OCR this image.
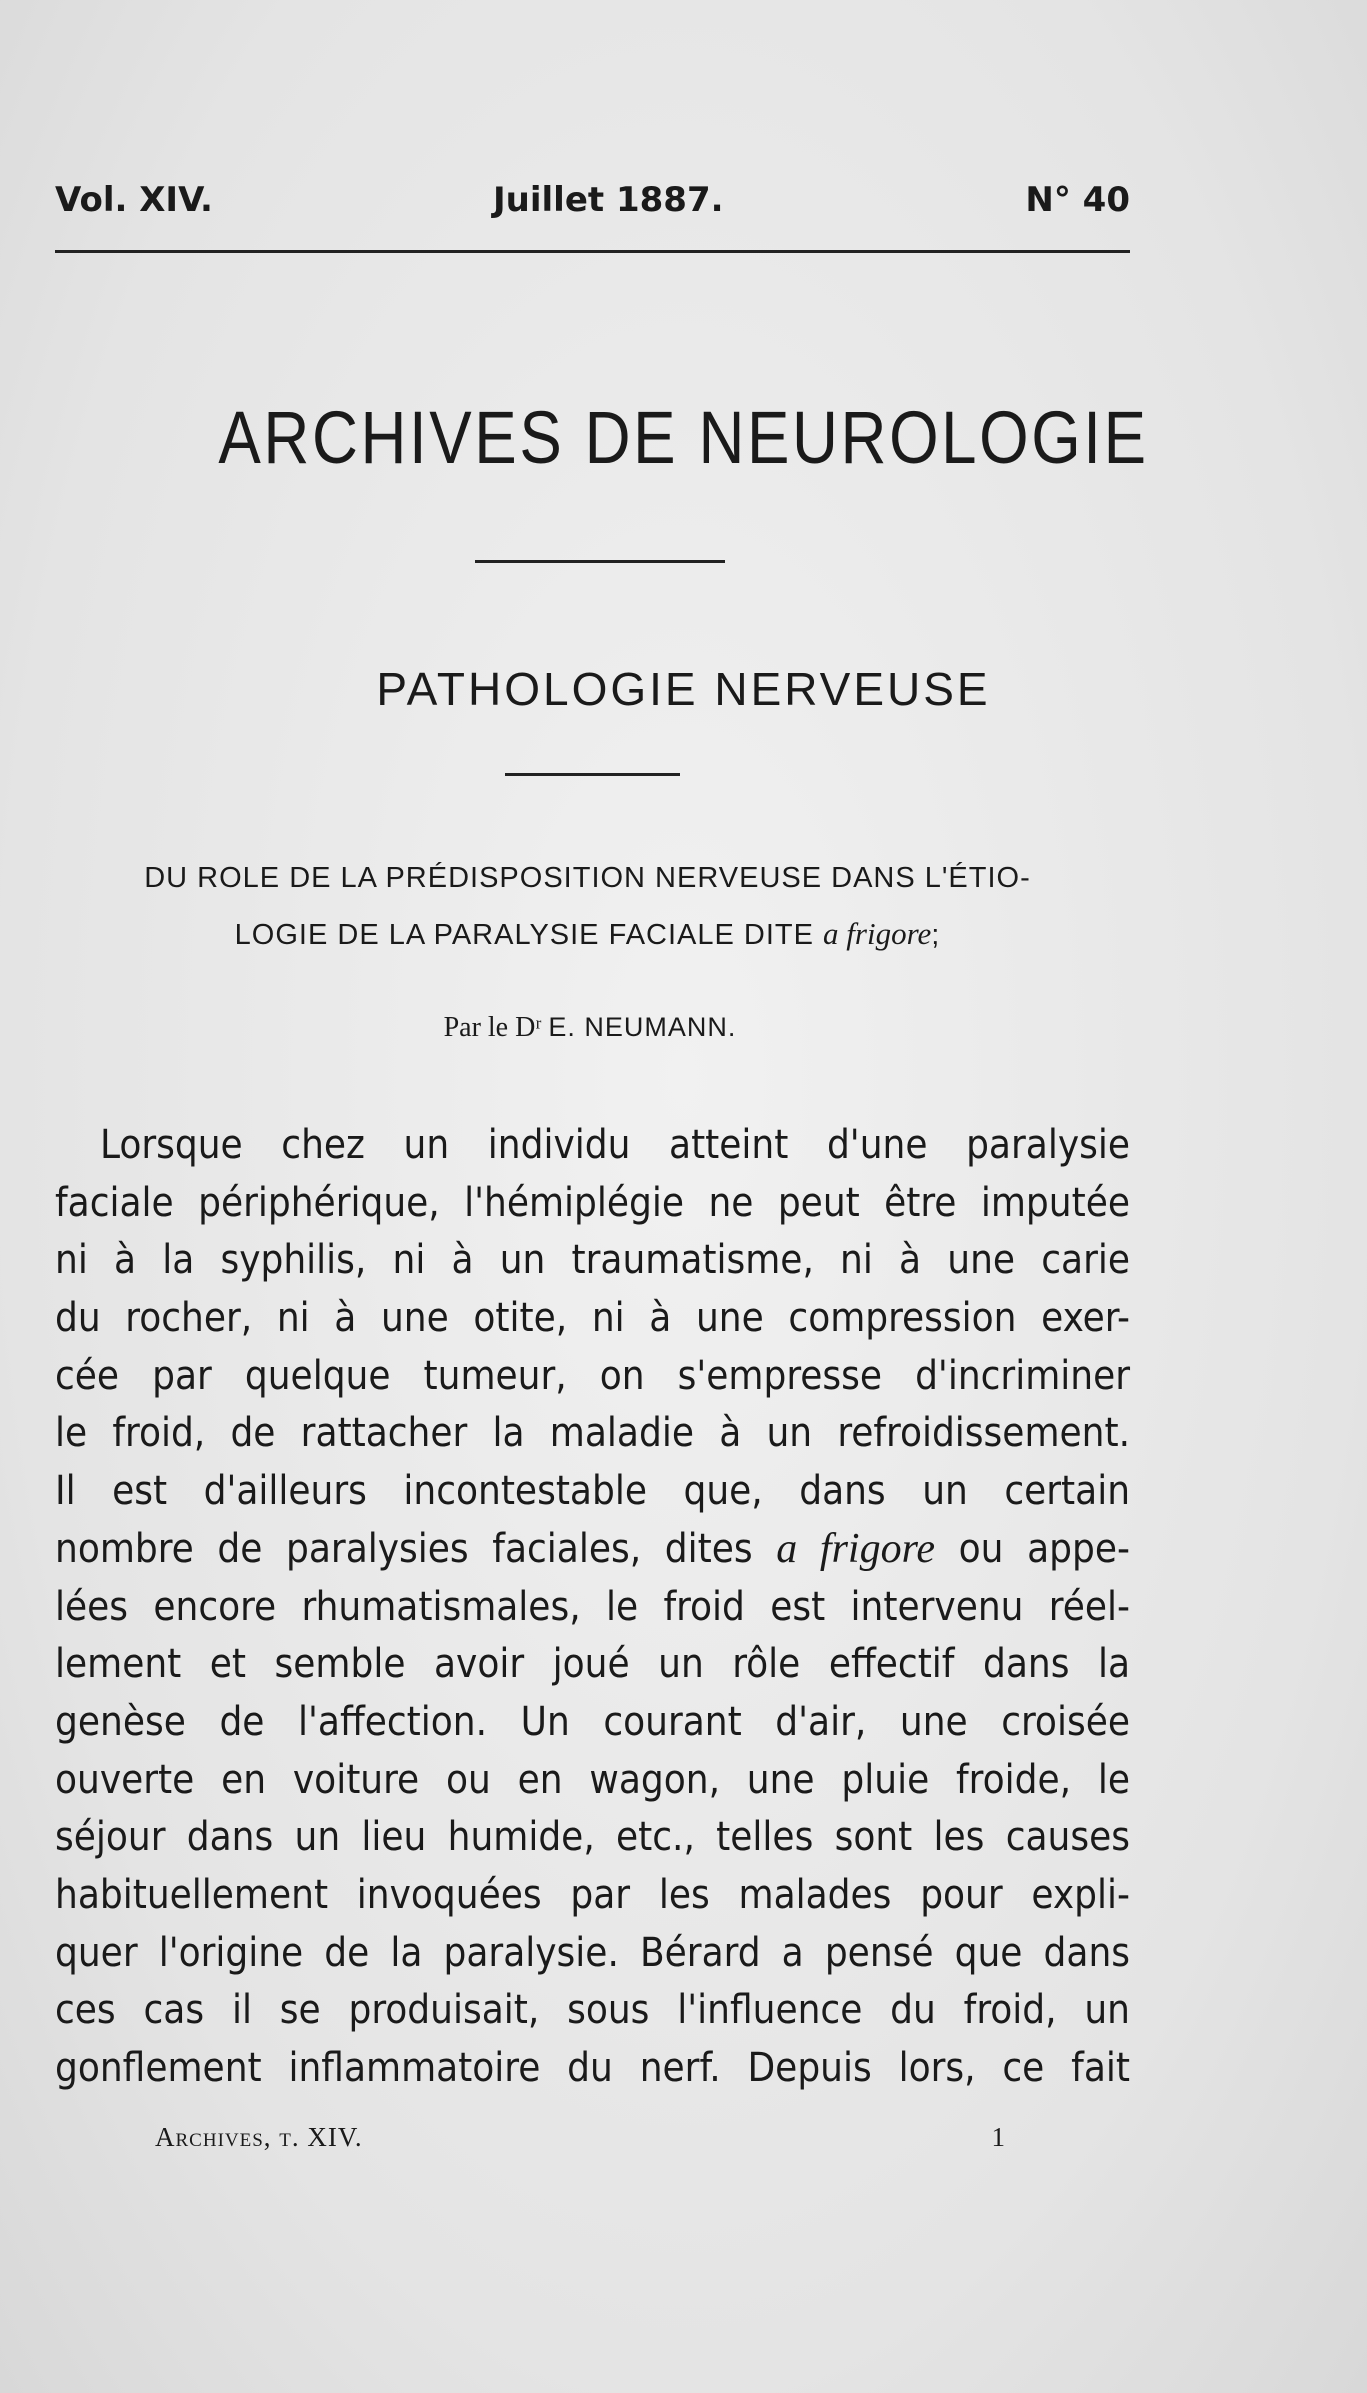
Vol. XIV.	Juillet 1887.	N° 40
ARCHIVES DE NEUROLOGIE
PATHOLOGIE NERVEUSE
DU ROLE DE LA PRÉDISPOSITION NERVEUSE DANS L'ÉTIO-
LOGIE DE LA PARALYSIE FACIALE DITE a frigore;
Par le Dʳ E. NEUMANN.
Lorsque chez un individu atteint d'une paralysie
faciale périphérique, l'hémiplégie ne peut être imputée
ni à la syphilis, ni à un traumatisme, ni à une carie
du rocher, ni à une otite, ni à une compression exer-
cée par quelque tumeur, on s'empresse d'incriminer
le froid, de rattacher la maladie à un refroidissement.
Il est d'ailleurs incontestable que, dans un certain
nombre de paralysies faciales, dites a frigore ou appe-
lées encore rhumatismales, le froid est intervenu réel-
lement et semble avoir joué un rôle effectif dans la
genèse de l'affection. Un courant d'air, une croisée
ouverte en voiture ou en wagon, une pluie froide, le
séjour dans un lieu humide, etc., telles sont les causes
habituellement invoquées par les malades pour expli-
quer l'origine de la paralysie. Bérard a pensé que dans
ces cas il se produisait, sous l'influence du froid, un
gonflement inflammatoire du nerf. Depuis lors, ce fait
Archives, t. XIV.	1
